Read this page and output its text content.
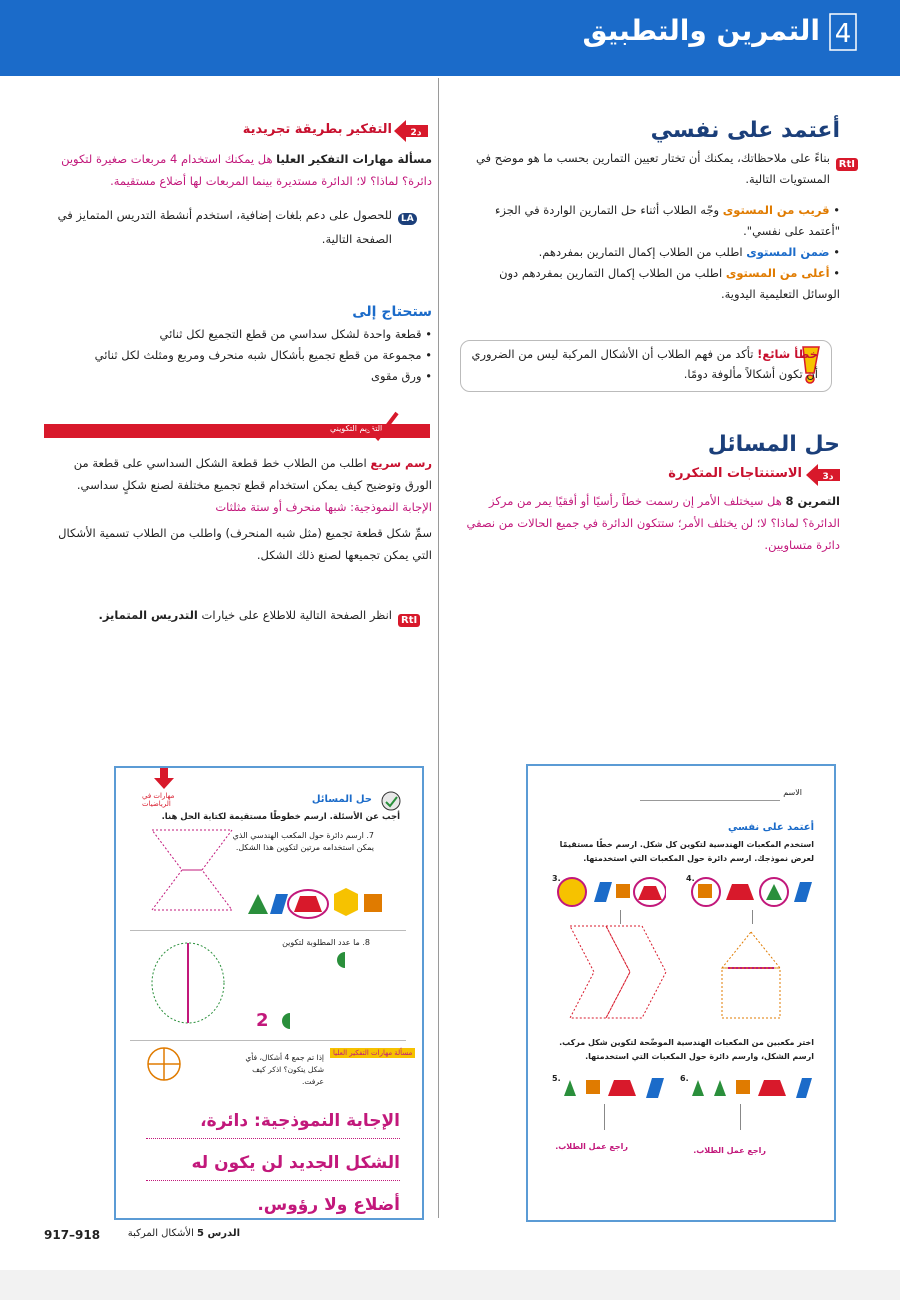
4
التمرين والتطبيق
أعتمد على نفسي
RtI
بناءً على ملاحظاتك، يمكنك أن تختار تعيين التمارين بحسب ما هو موضح في المستويات التالية.
• قريب من المستوى وجّه الطلاب أثناء حل التمارين الواردة في الجزء "أعتمد على نفسي".
• ضمن المستوى اطلب من الطلاب إكمال التمارين بمفردهم.
• أعلى من المستوى اطلب من الطلاب إكمال التمارين بمفردهم دون الوسائل التعليمية اليدوية.
خطأ شائع! تأكد من فهم الطلاب أن الأشكال المركبة ليس من الضروري أن تكون أشكالاً مألوفة دومًا.
حل المسائل
3د
الاستنتاجات المتكررة
التمرين 8 هل سيختلف الأمر إن رسمت خطاً رأسيًا أو أفقيًا يمر من مركز الدائرة؟ لماذا؟ لا؛ لن يختلف الأمر؛ ستتكون الدائرة في جميع الحالات من نصفي دائرة متساويين.
2د
التفكير بطريقة تجريدية
مسألة مهارات التفكير العليا هل يمكنك استخدام 4 مربعات صغيرة لتكوين دائرة؟ لماذا؟ لا؛ الدائرة مستديرة بينما المربعات لها أضلاع مستقيمة.
LA
للحصول على دعم بلغات إضافية، استخدم أنشطة التدريس المتمايز في الصفحة التالية.
ستحتاج إلى
• قطعة واحدة لشكل سداسي من قطع التجميع لكل ثنائي
• مجموعة من قطع تجميع بأشكال شبه منحرف ومربع ومثلث لكل ثنائي
• ورق مقوى
التقويم التكويني
رسم سريع اطلب من الطلاب خط قطعة الشكل السداسي على قطعة من الورق وتوضيح كيف يمكن استخدام قطع تجميع مختلفة لصنع شكلٍ سداسي. الإجابة النموذجية: شبها منحرف أو ستة مثلثات
سمِّ شكل قطعة تجميع (مثل شبه المنحرف) واطلب من الطلاب تسمية الأشكال التي يمكن تجميعها لصنع ذلك الشكل.
RtI
انظر الصفحة التالية للاطلاع على خيارات التدريس المتمايز.
مهارات في الرياضيات	حل المسائل
أجب عن الأسئلة. ارسم خطوطًا مستقيمة لكتابة الحل هنا.
7. ارسم دائرة حول المكعب الهندسي الذي يمكن استخدامه مرتين لتكوين هذا الشكل.
8. ما عدد المطلوبة لتكوين
2
مسألة مهارات التفكير العليا
إذا تم جمع 4 أشكال، فأي شكل يتكون؟ اذكر كيف عرفت.
الإجابة النموذجية: دائرة، الشكل الجديد لن يكون له أضلاع ولا رؤوس.
الاسم
أعتمد على نفسي
استخدم المكعبات الهندسية لتكوين كل شكل. ارسم خطًا مستقيمًا لعرض نموذجك. ارسم دائرة حول المكعبات التي استخدمتها.
3.	4.
اختر مكعبين من المكعبات الهندسية الموضّحة لتكوين شكل مركب. ارسم الشكل، وارسم دائرة حول المكعبات التي استخدمتها.
5.	6.
راجع عمل الطلاب.	راجع عمل الطلاب.
917–918	الدرس 5 الأشكال المركبة
